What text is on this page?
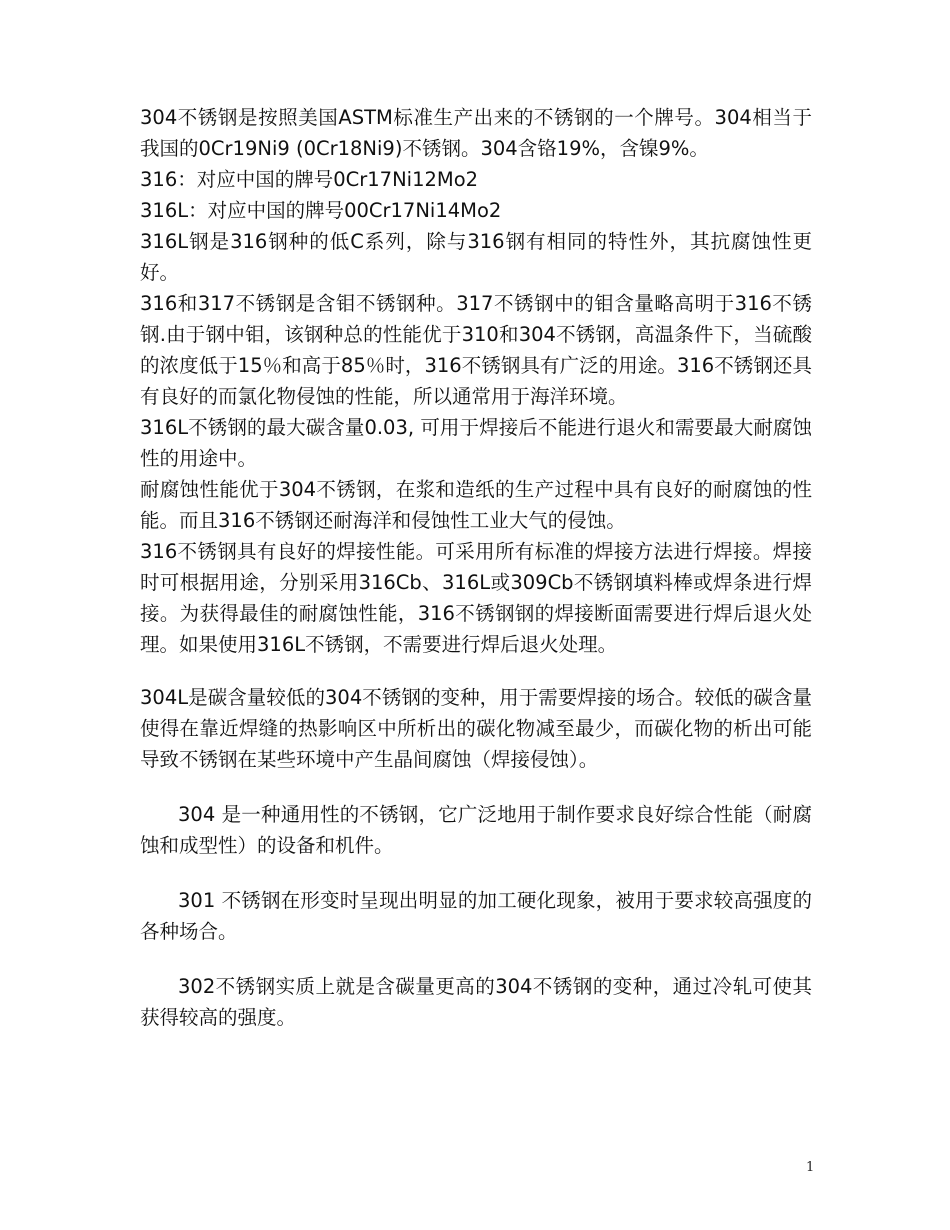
304不锈钢是按照美国ASTM标准生产出来的不锈钢的一个牌号。304相当于我国的0Cr19Ni9 (0Cr18Ni9)不锈钢。304含铬19%，含镍9%。

316：对应中国的牌号0Cr17Ni12Mo2

316L：对应中国的牌号00Cr17Ni14Mo2

316L钢是316钢种的低C系列，除与316钢有相同的特性外，其抗腐蚀性更好。

316和317不锈钢是含钼不锈钢种。317不锈钢中的钼含量略高明于316不锈钢.由于钢中钼，该钢种总的性能优于310和304不锈钢，高温条件下，当硫酸的浓度低于15％和高于85％时，316不锈钢具有广泛的用途。316不锈钢还具有良好的而氯化物侵蚀的性能，所以通常用于海洋环境。

316L不锈钢的最大碳含量0.03, 可用于焊接后不能进行退火和需要最大耐腐蚀性的用途中。

耐腐蚀性能优于304不锈钢，在浆和造纸的生产过程中具有良好的耐腐蚀的性能。而且316不锈钢还耐海洋和侵蚀性工业大气的侵蚀。

316不锈钢具有良好的焊接性能。可采用所有标准的焊接方法进行焊接。焊接时可根据用途，分别采用316Cb、316L或309Cb不锈钢填料棒或焊条进行焊接。为获得最佳的耐腐蚀性能，316不锈钢钢的焊接断面需要进行焊后退火处理。如果使用316L不锈钢，不需要进行焊后退火处理。

304L是碳含量较低的304不锈钢的变种，用于需要焊接的场合。较低的碳含量使得在靠近焊缝的热影响区中所析出的碳化物减至最少，而碳化物的析出可能导致不锈钢在某些环境中产生晶间腐蚀（焊接侵蚀）。

304 是一种通用性的不锈钢，它广泛地用于制作要求良好综合性能（耐腐蚀和成型性）的设备和机件。

301 不锈钢在形变时呈现出明显的加工硬化现象，被用于要求较高强度的各种场合。

302不锈钢实质上就是含碳量更高的304不锈钢的变种，通过冷轧可使其获得较高的强度。

1
